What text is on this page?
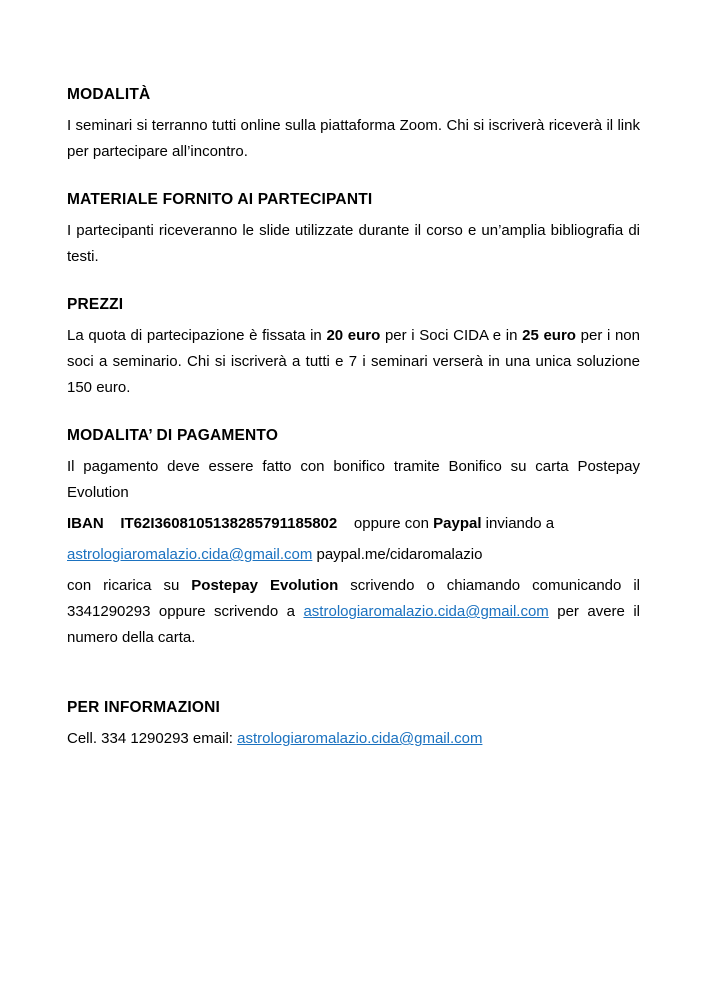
MODALITÀ

I seminari si terranno tutti online sulla piattaforma Zoom. Chi si iscriverà riceverà il link per partecipare all’incontro.

MATERIALE FORNITO AI PARTECIPANTI

I partecipanti riceveranno le slide utilizzate durante il corso e un’amplia bibliografia di testi.

PREZZI

La quota di partecipazione è fissata in 20 euro per i Soci CIDA e in 25 euro per i non soci a seminario. Chi si iscriverà a tutti e 7 i seminari verserà in una unica soluzione 150 euro.

MODALITA’ DI PAGAMENTO

Il pagamento deve essere fatto con bonifico tramite Bonifico su carta Postepay Evolution

IBAN    IT62I3608105138285791185802    oppure con Paypal inviando a

astrologiaromalazio.cida@gmail.com paypal.me/cidaromalazio

con ricarica su Postepay Evolution scrivendo o chiamando comunicando il 3341290293 oppure scrivendo a astrologiaromalazio.cida@gmail.com per avere il numero della carta.

PER INFORMAZIONI

Cell. 334 1290293 email: astrologiaromalazio.cida@gmail.com
